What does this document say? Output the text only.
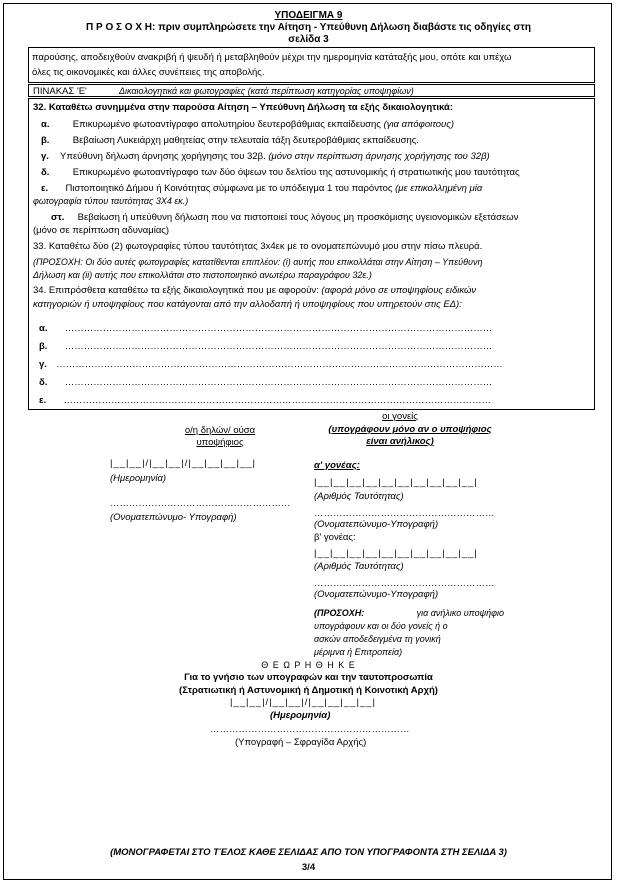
ΥΠΟΔΕΙΓΜΑ 9
Π Ρ Ο Σ Ο Χ Η: πριν συμπληρώσετε την Αίτηση - Υπεύθυνη Δήλωση διαβάστε τις οδηγίες στη
σελίδα 3
παρούσης, αποδειχθούν ανακριβή ή ψευδή ή μεταβληθούν μέχρι την ημερομηνία κατάταξής μου, οπότε και υπέχω
όλες τις οικονομικές και άλλες συνέπειες της αποβολής.
ΠΙΝΑΚΑΣ 'Ε'	Δικαιολογητικά και φωτογραφίες (κατά περίπτωση κατηγορίας υποψηφίων)
32. Καταθέτω συνημμένα στην παρούσα Αίτηση – Υπεύθυνη Δήλωση τα εξής δικαιολογητικά:
α. Επικυρωμένο φωτοαντίγραφο απολυτηρίου δευτεροβάθμιας εκπαίδευσης (για απόφοιτους)
β. Βεβαίωση Λυκειάρχη μαθητείας στην τελευταία τάξη δευτεροβάθμιας εκπαίδευσης.
γ. Υπεύθυνη δήλωση άρνησης χορήγησης του 32β. (μόνο στην περίπτωση άρνησης χορήγησης του 32β)
δ. Επικυρωμένο φωτοαντίγραφο των δύο όψεων του δελτίου της αστυνομικής ή στρατιωτικής μου ταυτότητας
ε. Πιστοποιητικό Δήμου ή Κοινότητας σύμφωνα με το υπόδειγμα 1 του παρόντος (με επικολλημένη μία
φωτογραφία τύπου ταυτότητας 3Χ4 εκ.)
στ. Βεβαίωση ή υπεύθυνη δήλωση που να πιστοποιεί τους λόγους μη προσκόμισης υγειονομικών εξετάσεων
(μόνο σε περίπτωση αδυναμίας)
33. Καταθέτω δύο (2) φωτογραφίες τύπου ταυτότητας 3x4εκ με το ονοματεπώνυμό μου στην πίσω πλευρά.
(ΠΡΟΣΟΧΗ: Οι δύο αυτές φωτογραφίες κατατίθενται επιπλέον: (i) αυτής που επικολλάται στην Αίτηση – Υπεύθυνη
Δήλωση και (ii) αυτής που επικολλάται στο πιστοποιητικό ανωτέρω παραγράφου 32ε.)
34. Επιπρόσθετα καταθέτω τα εξής δικαιολογητικά που με αφορούν: (αφορά μόνο σε υποψηφίους ειδικών
κατηγοριών ή υποψηφίους που κατάγονται από την αλλοδαπή ή υποψηφίους που υπηρετούν στις ΕΔ):
α. ………………………………………………………………………………………………………………………
β. ………………………………………………………………………………………………………………………
γ. ……………………………………………………………………………………………………………………………
δ. ………………………………………………………………………………………………………………………
ε. ………………………………………………………………………………………………………………………
ο/η δηλών/ ούσα
υποψήφιος
|__|__|/|__|__|/|__|__|__|__|
(Ημερομηνία)
…………………………………………………
(Ονοματεπώνυμο- Υπογραφή)
οι γονείς
(υπογράφουν μόνο αν ο υποψήφιος
είναι ανήλικος)
α' γονέας:
|__|__|__|__|__|__|__|__|__|__|
(Αριθμός Ταυτότητας)
…………………………………………………
(Ονοματεπώνυμο-Υπογραφή)
β' γονέας:
|__|__|__|__|__|__|__|__|__|__|
(Αριθμός Ταυτότητας)
…………………………………………………
(Ονοματεπώνυμο-Υπογραφή)
(ΠΡΟΣΟΧΗ:	για ανήλικο υποψήφιο
υπογράφουν και οι δύο γονείς ή ο
ασκών αποδεδειγμένα τη γονική
μέριμνα ή Επιτροπεία)
Θ Ε Ω Ρ Η Θ Η Κ Ε
Για το γνήσιο των υπογραφών και την ταυτοπροσωπία
(Στρατιωτική ή Αστυνομική ή Δημοτική ή Κοινοτική Αρχή)
|__|__|/|__|__|/|__|__|__|__|
(Ημερομηνία)
………………………………………………………
(Υπογραφή – Σφραγίδα Αρχής)
(ΜΟΝΟΓΡΑΦΕΤΑΙ ΣΤΟ ΤΈΛΟΣ ΚΑΘΕ ΣΕΛΙΔΑΣ ΑΠΟ ΤΟΝ ΥΠΟΓΡΑΦΟΝΤΑ ΣΤΗ ΣΕΛΙΔΑ 3)
3/4
